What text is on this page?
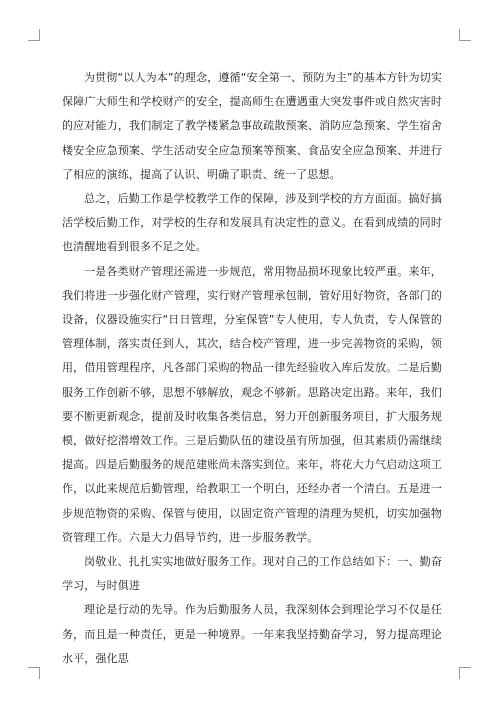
为贯彻“以人为本”的理念，遵循“安全第一、预防为主”的基本方针为切实保障广大师生和学校财产的安全，提高师生在遭遇重大突发事件或自然灾害时的应对能力，我们制定了教学楼紧急事故疏散预案、消防应急预案、学生宿舍楼安全应急预案、学生活动安全应急预案等预案、食品安全应急预案、并进行了相应的演练，提高了认识、明确了职责、统一了思想。

总之，后勤工作是学校教学工作的保障，涉及到学校的方方面面。搞好搞活学校后勤工作，对学校的生存和发展具有决定性的意义。在看到成绩的同时也清醒地看到很多不足之处。

一是各类财产管理还需进一步规范，常用物品损坏现象比较严重。来年，我们将进一步强化财产管理，实行财产管理承包制，管好用好物资，各部门的设备，仪器设施实行“日日管理，分室保管”专人使用，专人负责，专人保管的管理体制，落实责任到人，其次，结合校产管理，进一步完善物资的采购，领用，借用管理程序，凡各部门采购的物品一律先经验收入库后发放。二是后勤服务工作创新不够，思想不够解放，观念不够新。思路决定出路。来年，我们要不断更新观念，提前及时收集各类信息，努力开创新服务项目，扩大服务规模，做好挖潜增效工作。三是后勤队伍的建设虽有所加强，但其素质仍需继续提高。四是后勤服务的规范建账尚未落实到位。来年，将花大力气启动这项工作，以此来规范后勤管理，给教职工一个明白，还经办者一个清白。五是进一步规范物资的采购、保管与使用，以固定资产管理的清理为契机，切实加强物资管理工作。六是大力倡导节约，进一步服务教学。

岗敬业、扎扎实实地做好服务工作。现对自己的工作总结如下：一、勤奋学习，与时俱进

理论是行动的先导。作为后勤服务人员，我深刻体会到理论学习不仅是任务，而且是一种责任，更是一种境界。一年来我坚持勤奋学习，努力提高理论水平，强化思
